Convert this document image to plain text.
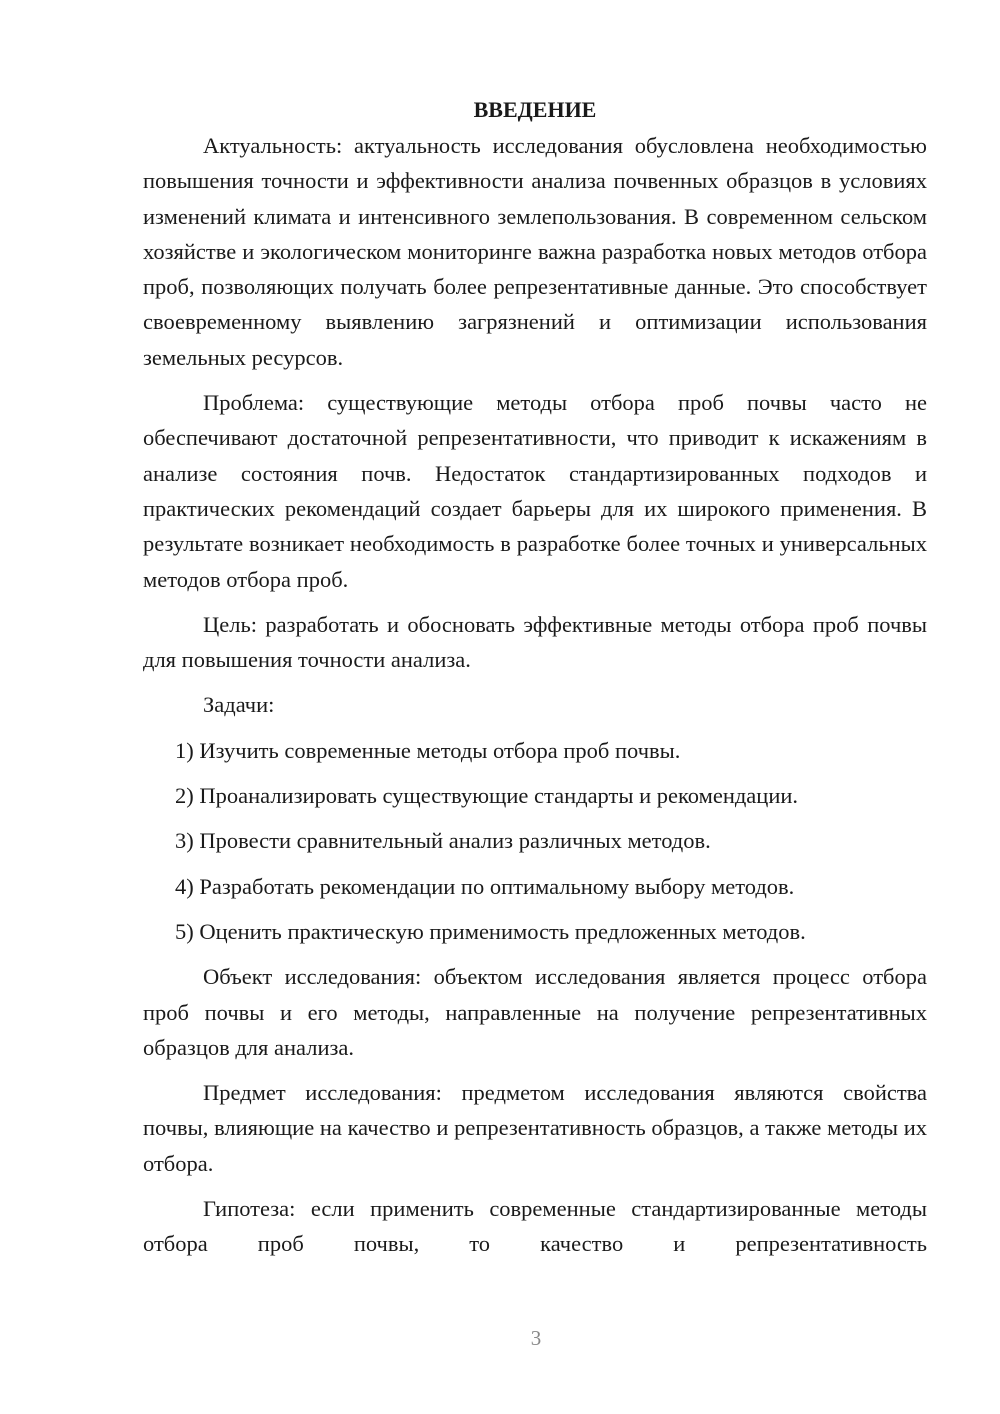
ВВЕДЕНИЕ

Актуальность: актуальность исследования обусловлена необходимостью повышения точности и эффективности анализа почвенных образцов в условиях изменений климата и интенсивного землепользования. В современном сельском хозяйстве и экологическом мониторинге важна разработка новых методов отбора проб, позволяющих получать более репрезентативные данные. Это способствует своевременному выявлению загрязнений и оптимизации использования земельных ресурсов.

Проблема: существующие методы отбора проб почвы часто не обеспечивают достаточной репрезентативности, что приводит к искажениям в анализе состояния почв. Недостаток стандартизированных подходов и практических рекомендаций создает барьеры для их широкого применения. В результате возникает необходимость в разработке более точных и универсальных методов отбора проб.

Цель: разработать и обосновать эффективные методы отбора проб почвы для повышения точности анализа.

Задачи:

1) Изучить современные методы отбора проб почвы.
2) Проанализировать существующие стандарты и рекомендации.
3) Провести сравнительный анализ различных методов.
4) Разработать рекомендации по оптимальному выбору методов.
5) Оценить практическую применимость предложенных методов.

Объект исследования: объектом исследования является процесс отбора проб почвы и его методы, направленные на получение репрезентативных образцов для анализа.

Предмет исследования: предметом исследования являются свойства почвы, влияющие на качество и репрезентативность образцов, а также методы их отбора.

Гипотеза: если применить современные стандартизированные методы отбора проб почвы, то качество и репрезентативность

3
